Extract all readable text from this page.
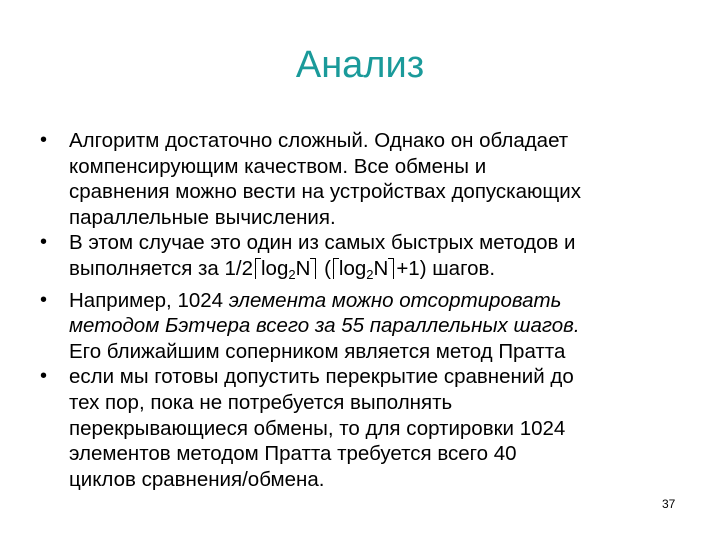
Анализ
• Алгоритм достаточно сложный. Однако он обладает
компенсирующим качеством. Все обмены и
сравнения можно вести на устройствах допускающих
параллельные вычисления.
• В этом случае это один из самых быстрых методов и
выполняется за 1/2 $\log_2N$ ( $\log_2N +1$) шагов.
• Например, 1024 элемента можно отсортировать
методом Бэтчера всего за 55 параллельных шагов.
Его ближайшим соперником является метод Пратта
• если мы готовы допустить перекрытие сравнений до
тех пор, пока не потребуется выполнять
перекрывающиеся обмены, то для сортировки 1024
элементов методом Пратта требуется всего 40
циклов сравнения/обмена.
37
